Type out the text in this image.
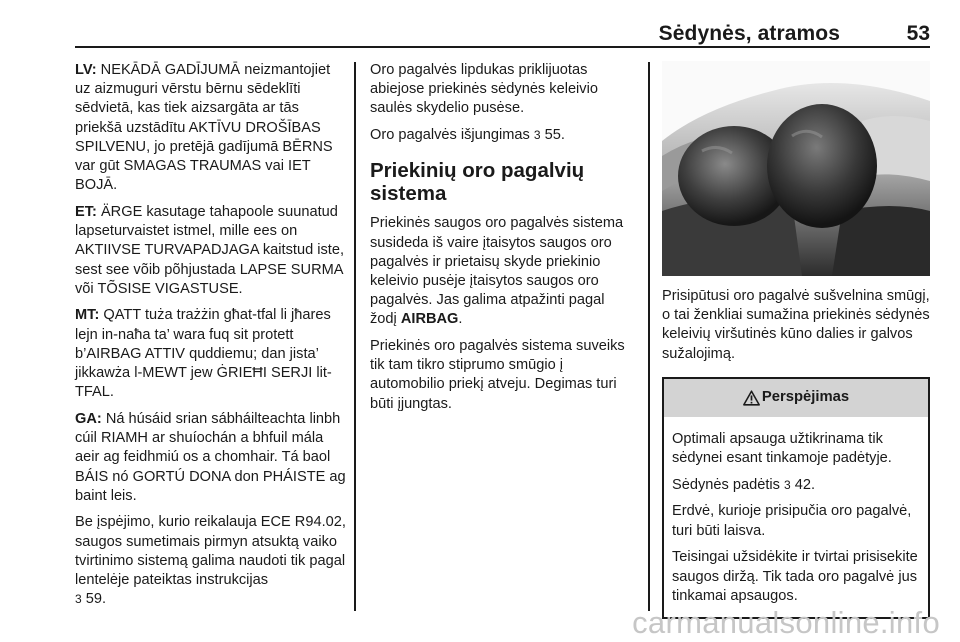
Sėdynės, atramos	53

LV: NEKĀDĀ GADĪJUMĀ neizmantojiet uz aizmuguri vērstu bērnu sēdeklīti sēdvietā, kas tiek aizsargāta ar tās priekšā uzstādītu AKTĪVU DROŠĪBAS SPILVENU, jo pretējā gadījumā BĒRNS var gūt SMAGAS TRAUMAS vai IET BOJĀ.

ET: ÄRGE kasutage tahapoole suunatud lapseturvaistet istmel, mille ees on AKTIIVSE TURVAPADJAGA kaitstud iste, sest see võib põhjustada LAPSE SURMA või TÕSISE VIGASTUSE.

MT: QATT tuża trażżin għat-tfal li jħares lejn in-naħa ta’ wara fuq sit protett b’AIRBAG ATTIV quddiemu; dan jista’ jikkawża l-MEWT jew ĠRIEĦI SERJI lit-TFAL.

GA: Ná húsáid srian sábháilteachta linbh cúil RIAMH ar shuíochán a bhfuil mála aeir ag feidhmiú os a chomhair. Tá baol BÁIS nó GORTÚ DONA don PHÁISTE ag baint leis.

Be įspėjimo, kurio reikalauja ECE R94.02, saugos sumetimais pirmyn atsuktą vaiko tvirtinimo sistemą galima naudoti tik pagal lentelėje pateiktas instrukcijas
3 59.

Oro pagalvės lipdukas priklijuotas abiejose priekinės sėdynės keleivio saulės skydelio pusėse.

Oro pagalvės išjungimas 3 55.

Priekinių oro pagalvių sistema

Priekinės saugos oro pagalvės sistema susideda iš vaire įtaisytos saugos oro pagalvės ir prietaisų skyde priekinio keleivio pusėje įtaisytos saugos oro pagalvės. Jas galima atpažinti pagal žodį AIRBAG.

Priekinės oro pagalvės sistema suveiks tik tam tikro stiprumo smūgio į automobilio priekį atveju. Degimas turi būti įjungtas.

Prisipūtusi oro pagalvė sušvelnina smūgį, o tai ženkliai sumažina priekinės sėdynės keleivių viršutinės kūno dalies ir galvos sužalojimą.

Perspėjimas

Optimali apsauga užtikrinama tik sėdynei esant tinkamoje padėtyje.

Sėdynės padėtis 3 42.

Erdvė, kurioje prisipučia oro pagalvė, turi būti laisva.

Teisingai užsidėkite ir tvirtai prisisekite saugos diržą. Tik tada oro pagalvė jus tinkamai apsaugos.

carmanualsonline.info
